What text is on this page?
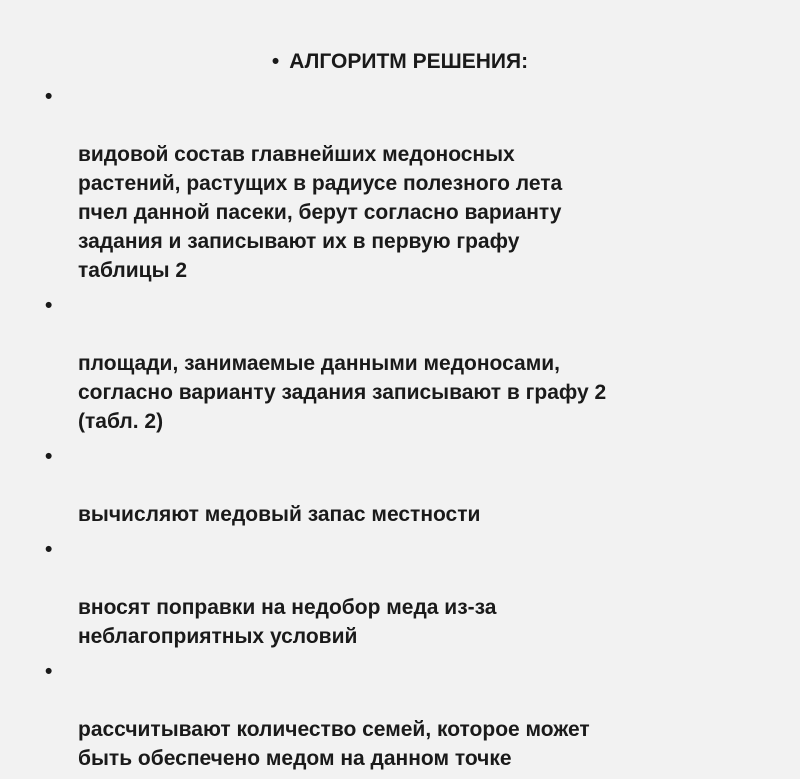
• АЛГОРИТМ РЕШЕНИЯ:

•

видовой состав главнейших медоносных
растений, растущих в радиусе полезного лета
пчел данной пасеки, берут согласно варианту
задания и записывают их в первую графу
таблицы 2

•

площади, занимаемые данными медоносами,
согласно варианту задания записывают в графу 2
(табл. 2)

•

вычисляют медовый запас местности

•

вносят поправки на недобор меда из-за
неблагоприятных условий

•

рассчитывают количество семей, которое может
быть обеспечено медом на данном точке
